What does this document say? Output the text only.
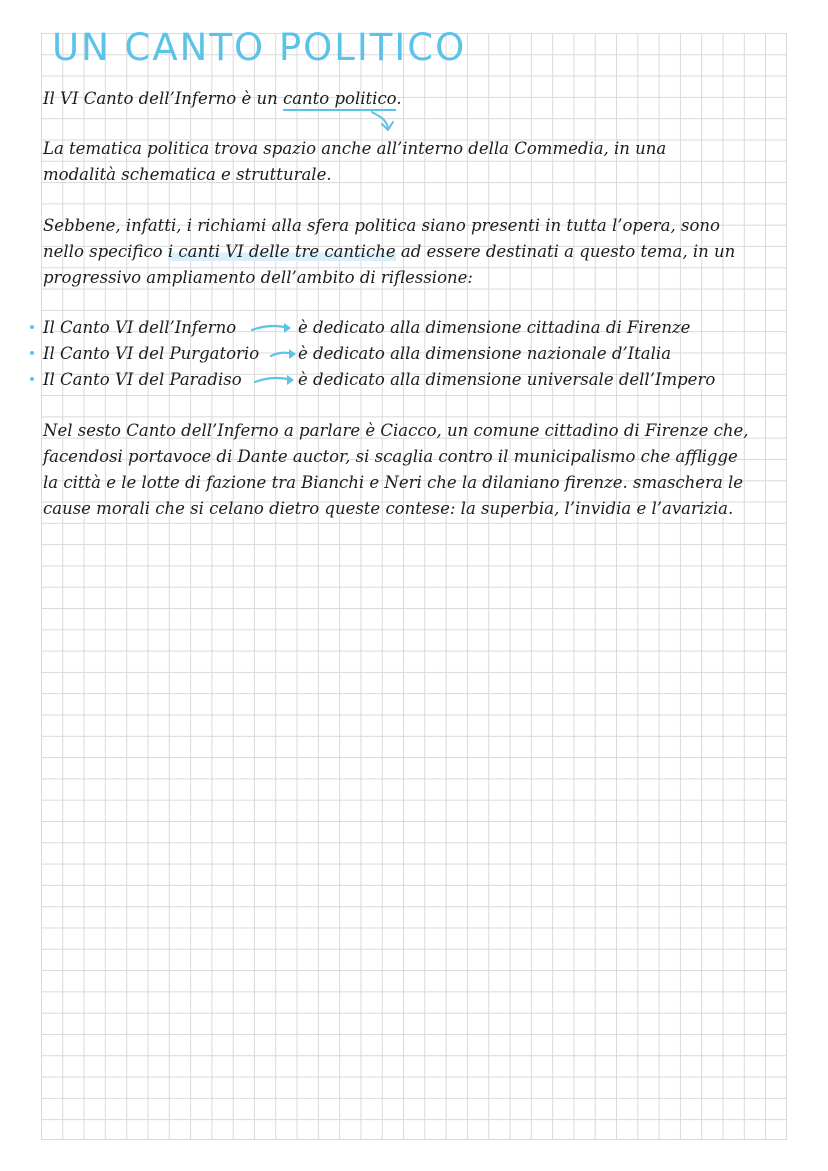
UN CANTO POLITICO

Il VI Canto dell’Inferno è un canto politico.

La tematica politica trova spazio anche all’interno della Commedia, in una

modalità schematica e strutturale.

Sebbene, infatti, i richiami alla sfera politica siano presenti in tutta l’opera, sono

nello specifico i canti VI delle tre cantiche ad essere destinati a questo tema, in un

progressivo ampliamento dell’ambito di riflessione:

Il Canto VI dell’Inferno	è dedicato alla dimensione cittadina di Firenze
Il Canto VI del Purgatorio è dedicato alla dimensione nazionale d’Italia
Il Canto VI del Paradiso	è dedicato alla dimensione universale dell’Impero

Nel sesto Canto dell’Inferno a parlare è Ciacco, un comune cittadino di Firenze che,

facendosi portavoce di Dante auctor, si scaglia contro il municipalismo che affligge

la città e le lotte di fazione tra Bianchi e Neri che la dilaniano firenze. smaschera le

cause morali che si celano dietro queste contese: la superbia, l’invidia e l’avarizia.
